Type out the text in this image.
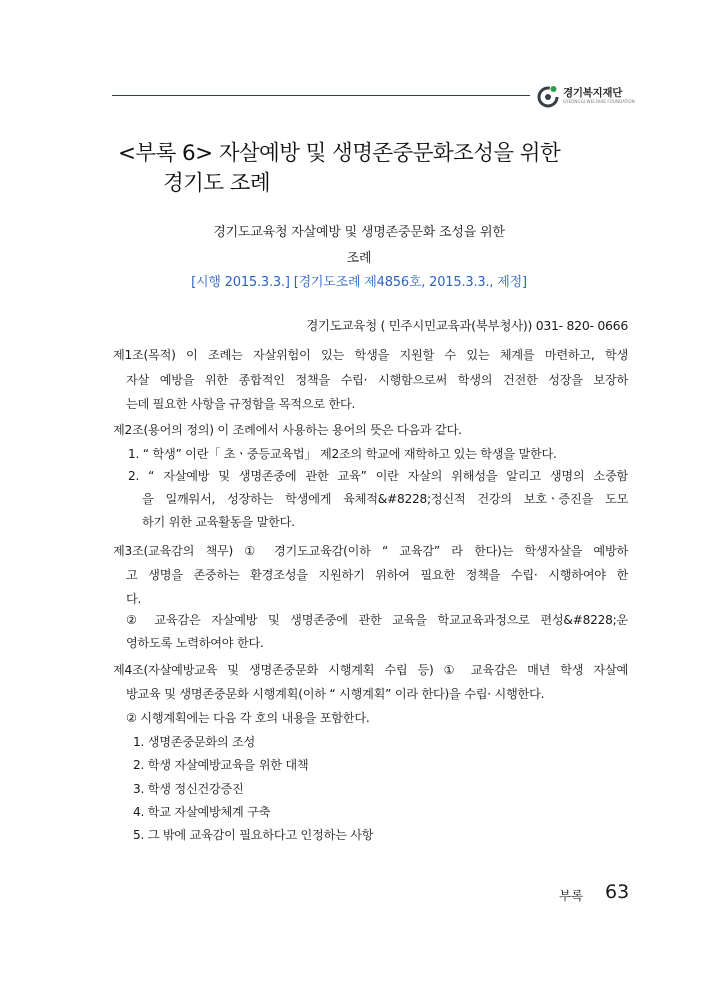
경기복지재단
GYEONGGI WELFARE FOUNDATION
<부록 6> 자살예방 및 생명존중문화조성을 위한
경기도 조례
경기도교육청 자살예방 및 생명존중문화 조성을 위한
조례
[시행 2015.3.3.] [경기도조례 제4856호, 2015.3.3., 제정]
경기도교육청 ( 민주시민교육과(북부청사)) 031- 820- 0666
제1조(목적) 이 조례는 자살위험이 있는 학생을 지원할 수 있는 체계를 마련하고, 학생
자살 예방을 위한 종합적인 정책을 수립· 시행함으로써 학생의 건전한 성장을 보장하
는데 필요한 사항을 규정함을 목적으로 한다.
제2조(용어의 정의) 이 조례에서 사용하는 용어의 뜻은 다음과 같다.
1. “ 학생” 이란「 초ㆍ중등교육법」 제2조의 학교에 재학하고 있는 학생을 말한다.
2. “ 자살예방 및 생명존중에 관한 교육” 이란 자살의 위해성을 알리고 생명의 소중함
을 일깨워서, 성장하는 학생에게 육체적&#8228;정신적 건강의 보호ㆍ증진을 도모
하기 위한 교육활동을 말한다.
제3조(교육감의 책무) ① 경기도교육감(이하 “ 교육감” 라 한다)는 학생자살을 예방하
고 생명을 존중하는 환경조성을 지원하기 위하여 필요한 정책을 수립· 시행하여야 한
다.
② 교육감은 자살예방 및 생명존중에 관한 교육을 학교교육과정으로 편성&#8228;운
영하도록 노력하여야 한다.
제4조(자살예방교육 및 생명존중문화 시행계획 수립 등) ① 교육감은 매년 학생 자살예
방교육 및 생명존중문화 시행계획(이하 “ 시행계획” 이라 한다)을 수립· 시행한다.
② 시행계획에는 다음 각 호의 내용을 포함한다.
1. 생명존중문화의 조성
2. 학생 자살예방교육을 위한 대책
3. 학생 정신건강증진
4. 학교 자살예방체계 구축
5. 그 밖에 교육감이 필요하다고 인정하는 사항
부록 63
